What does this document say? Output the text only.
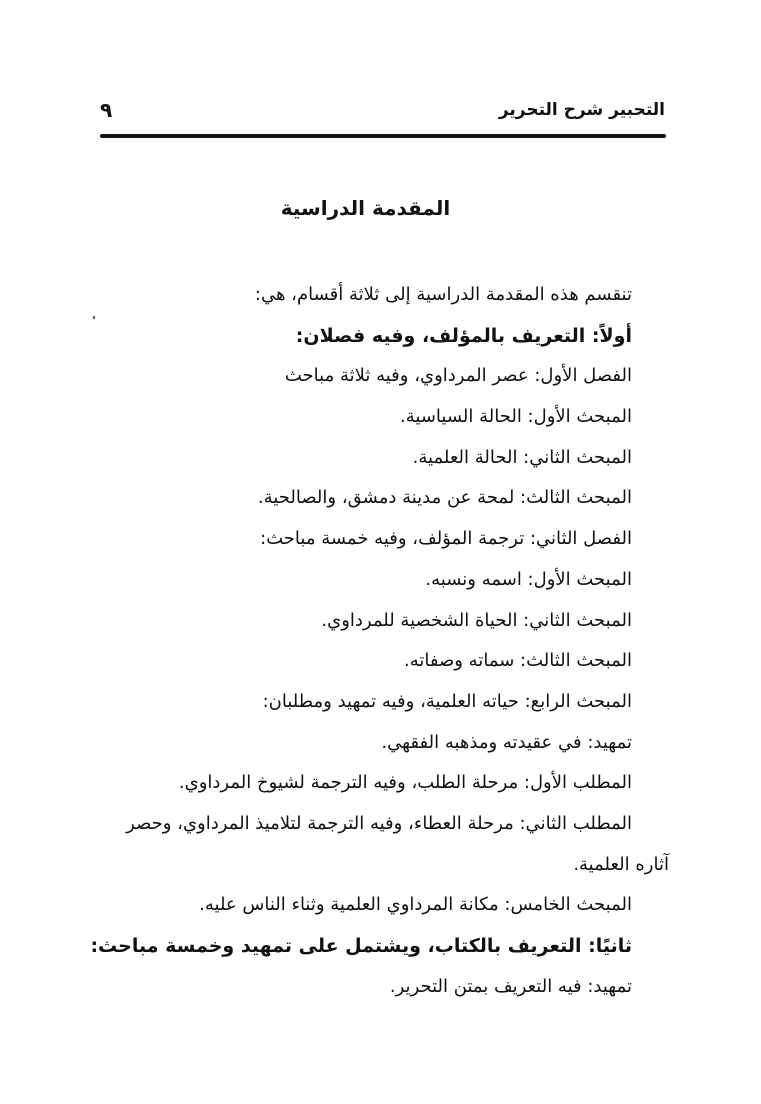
التحبير شرح التحرير
٩
المقدمة الدراسية
تنقسم هذه المقدمة الدراسية إلى ثلاثة أقسام، هي:
أولاً: التعريف بالمؤلف، وفيه فصلان:
الفصل الأول: عصر المرداوي، وفيه ثلاثة مباحث
المبحث الأول: الحالة السياسية.
المبحث الثاني: الحالة العلمية.
المبحث الثالث: لمحة عن مدينة دمشق، والصالحية.
الفصل الثاني: ترجمة المؤلف، وفيه خمسة مباحث:
المبحث الأول: اسمه ونسبه.
المبحث الثاني: الحياة الشخصية للمرداوي.
المبحث الثالث: سماته وصفاته.
المبحث الرابع: حياته العلمية، وفيه تمهيد ومطلبان:
تمهيد: في عقيدته ومذهبه الفقهي.
المطلب الأول: مرحلة الطلب، وفيه الترجمة لشيوخ المرداوي.
المطلب الثاني: مرحلة العطاء، وفيه الترجمة لتلاميذ المرداوي، وحصر
آثاره العلمية.
المبحث الخامس: مكانة المرداوي العلمية وثناء الناس عليه.
ثانيًا: التعريف بالكتاب، ويشتمل على تمهيد وخمسة مباحث:
تمهيد: فيه التعريف بمتن التحرير.
